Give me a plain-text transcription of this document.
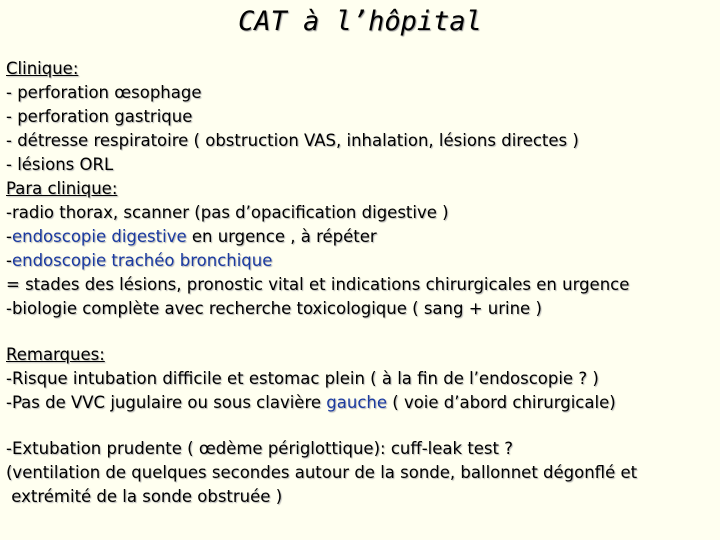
CAT à l’hôpital
Clinique:
- perforation œsophage
- perforation gastrique
- détresse respiratoire ( obstruction VAS, inhalation, lésions directes )
- lésions ORL
Para clinique:
-radio thorax, scanner (pas d’opacification digestive )
-endoscopie digestive en urgence , à répéter
-endoscopie trachéo bronchique
= stades des lésions, pronostic vital et indications chirurgicales en urgence
-biologie complète avec recherche toxicologique ( sang + urine )
Remarques:
-Risque intubation difficile et estomac plein ( à la fin de l’endoscopie ? )
-Pas de VVC jugulaire ou sous clavière gauche ( voie d’abord chirurgicale)
-Extubation prudente ( œdème périglottique): cuff-leak test ?
(ventilation de quelques secondes autour de la sonde, ballonnet dégonflé et
extrémité de la sonde obstruée )
